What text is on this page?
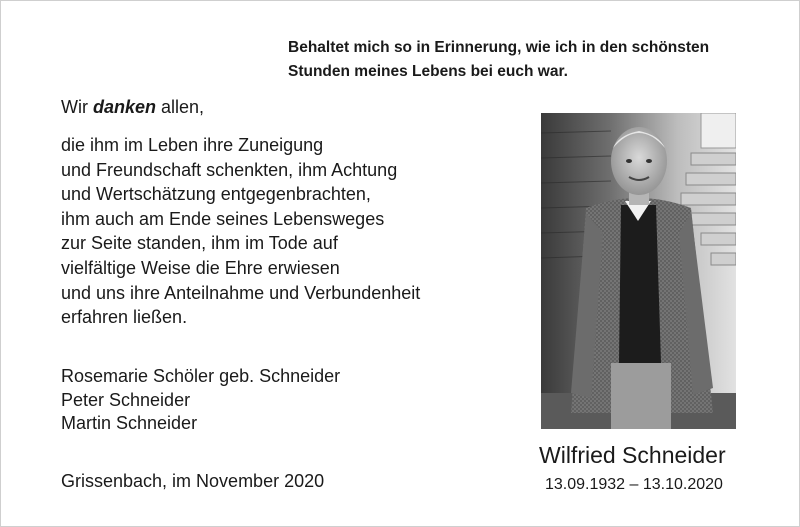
Behaltet mich so in Erinnerung, wie ich in den schönsten
Stunden meines Lebens bei euch war.
Wir danken allen,
die ihm im Leben ihre Zuneigung
und Freundschaft schenkten, ihm Achtung
und Wertschätzung entgegenbrachten,
ihm auch am Ende seines Lebensweges
zur Seite standen, ihm im Tode auf
vielfältige Weise die Ehre erwiesen
und uns ihre Anteilnahme und Verbundenheit
erfahren ließen.
Rosemarie Schöler geb. Schneider
Peter Schneider
Martin Schneider
Grissenbach, im November 2020
Wilfried Schneider
13.09.1932 – 13.10.2020
